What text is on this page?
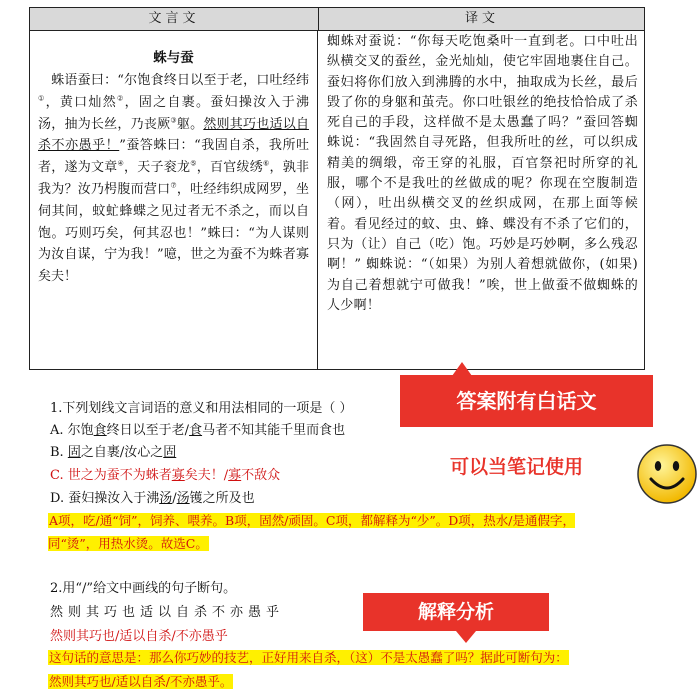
文言文	译文
蛛与蚕
 蛛语蚕曰：“尔饱食终日以至于老，口吐经纬①，黄口灿然②，固之自裹。蚕妇操汝入于沸汤，抽为长丝，乃丧厥③躯。然则其巧也适以自杀不亦愚乎！”蚕答蛛曰：“我固自杀，我所吐者，遂为文章④，天子衮龙⑤，百官绂绣⑥，孰非我为？汝乃枵腹而营口⑦，吐经纬织成网罗，坐伺其间，蚊虻蜂蝶之见过者无不杀之，而以自饱。巧则巧矣，何其忍也！”蛛曰：“为人谋则为汝自谋，宁为我！”噫，世之为蚕不为蛛者寡矣夫！
蜘蛛对蚕说：“你每天吃饱桑叶一直到老。口中吐出纵横交叉的蚕丝，金光灿灿，使它牢固地裹住自己。蚕妇将你们放入到沸腾的水中，抽取成为长丝，最后毁了你的身躯和茧壳。你口吐银丝的绝技恰恰成了杀死自己的手段，这样做不是太愚蠢了吗？”蚕回答蜘蛛说：“我固然自寻死路，但我所吐的丝，可以织成精美的绸缎，帝王穿的礼服，百官祭祀时所穿的礼服，哪个不是我吐的丝做成的呢？你现在空腹制造（网），吐出纵横交叉的丝织成网，在那上面等候着。看见经过的蚊、虫、蜂、蝶没有不杀了它们的，只为（让）自己（吃）饱。巧妙是巧妙啊，多么残忍啊！” 蜘蛛说：“（如果）为别人着想就做你，(如果)为自己着想就宁可做我！”唉，世上做蚕不做蜘蛛的人少啊！
答案附有白话文
可以当笔记使用
1.下列划线文言词语的意义和用法相同的一项是（ ）
A. 尔饱食终日以至于老/食马者不知其能千里而食也
B. 固之自裹/汝心之固
C. 世之为蚕不为蛛者寡矣夫！/寡不敌众
D. 蚕妇操汝入于沸汤/汤镬之所及也
A项，吃/通“饲”，饲养、喂养。B项，固然/顽固。C项，都解释为“少”。D项，热水/是通假字，同“烫”，用热水烫。故选C。
2.用“/”给文中画线的句子断句。
然则其巧也适以自杀不亦愚乎
然则其巧也/适以自杀/不亦愚乎
这句话的意思是：那么你巧妙的技艺，正好用来自杀，（这）不是太愚蠢了吗？据此可断句为：
然则其巧也/适以自杀/不亦愚乎。
解释分析
